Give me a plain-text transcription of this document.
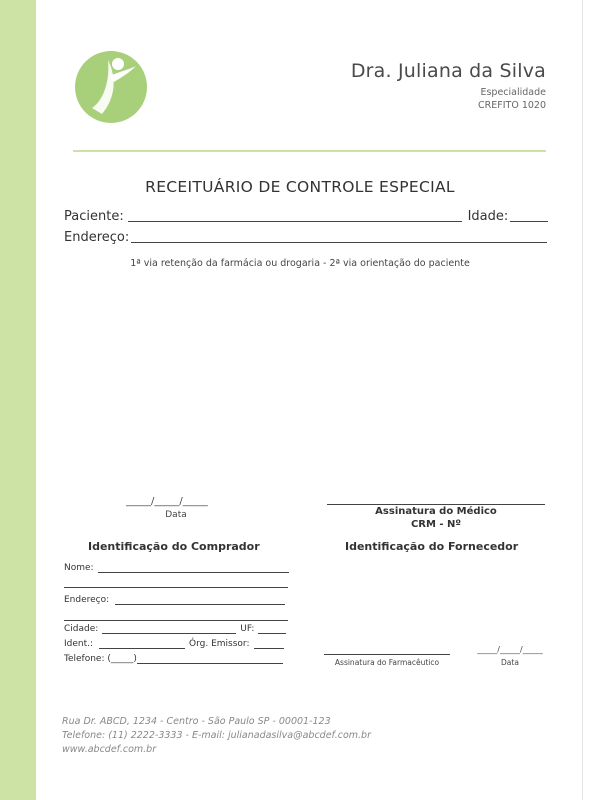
Dra. Juliana da Silva
Especialidade
CREFITO 1020
RECEITUÁRIO DE CONTROLE ESPECIAL
Paciente:	Idade:
Endereço:
1ª via retenção da farmácia ou drogaria - 2ª via orientação do paciente
_____/_____/_____
Data	Assinatura do Médico
CRM - Nº
Identificação do Comprador	Identificação do Fornecedor
Nome:
Endereço:
Cidade:	UF:
Ident.:	Órg. Emissor:
Telefone: (_____)	Assinatura do Farmacêutico
_____/_____/_____
Data
Rua Dr. ABCD, 1234 - Centro - São Paulo SP - 00001-123
Telefone: (11) 2222-3333 - E-mail: julianadasilva@abcdef.com.br
www.abcdef.com.br
